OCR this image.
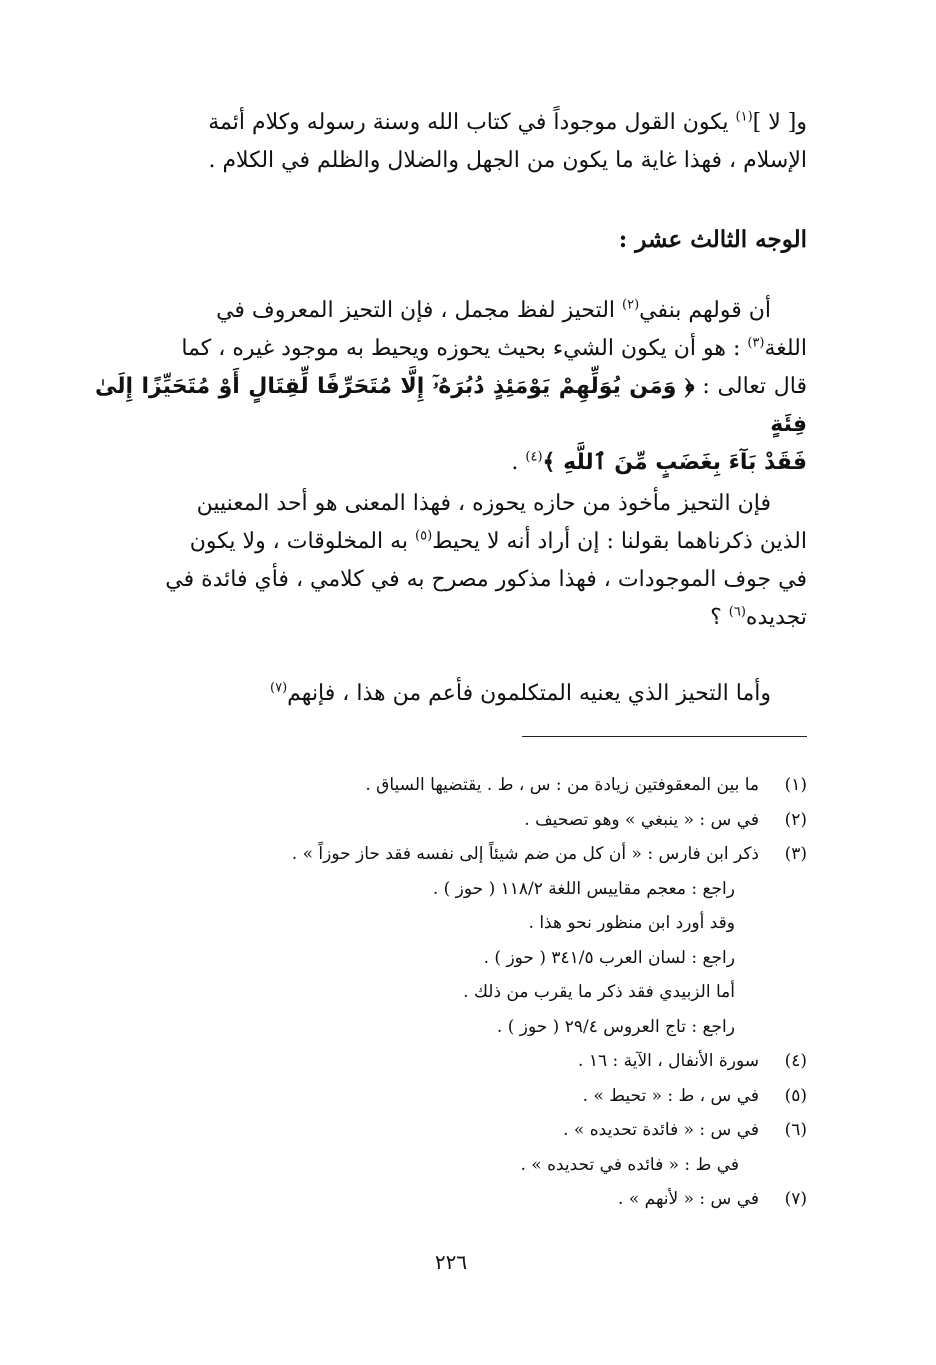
و[ لا ]$^{(١)}$ يكون القول موجوداً في كتاب الله وسنة رسوله وكلام أئمة

الإسلام ، فهذا غاية ما يكون من الجهل والضلال والظلم في الكلام .

الوجه الثالث عشر :

أن قولهم بنفي$^{(٢)}$ التحيز لفظ مجمل ، فإن التحيز المعروف في

اللغة$^{(٣)}$ : هو أن يكون الشيء بحيث يحوزه ويحيط به موجود غيره ، كما

قال تعالى : ﴿ وَمَن يُوَلِّهِمْ يَوْمَئِذٍ دُبُرَهُۥٓ إِلَّا مُتَحَرِّفًا لِّقِتَالٍ أَوْ مُتَحَيِّزًا إِلَىٰ فِئَةٍ

فَقَدْ بَآءَ بِغَضَبٍ مِّنَ ٱللَّهِ ﴾$^{(٤)}$ .

فإن التحيز مأخوذ من حازه يحوزه ، فهذا المعنى هو أحد المعنيين

الذين ذكرناهما بقولنا : إن أراد أنه لا يحيط$^{(٥)}$ به المخلوقات ، ولا يكون

في جوف الموجودات ، فهذا مذكور مصرح به في كلامي ، فأي فائدة في

تجديده$^{(٦)}$ ؟

وأما التحيز الذي يعنيه المتكلمون فأعم من هذا ، فإنهم$^{(٧)}$

(١)
ما بين المعقوفتين زيادة من : س ، ط . يقتضيها السياق .
(٢)
في س : « ينبغي » وهو تصحيف .
(٣)
ذكر ابن فارس : « أن كل من ضم شيئاً إلى نفسه فقد حاز حوزاً » .
راجع : معجم مقاييس اللغة ١١٨/٢ ( حوز ) .
وقد أورد ابن منظور نحو هذا .
راجع : لسان العرب ٣٤١/٥ ( حوز ) .
أما الزبيدي فقد ذكر ما يقرب من ذلك .
راجع : تاج العروس ٢٩/٤ ( حوز ) .
(٤)
سورة الأنفال ، الآية : ١٦ .
(٥)
في س ، ط : « تحيط » .
(٦)
في س : « فائدة تحديده » .
في ط : « فائده في تحديده » .
(٧)
في س : « لأنهم » .
٢٢٦
